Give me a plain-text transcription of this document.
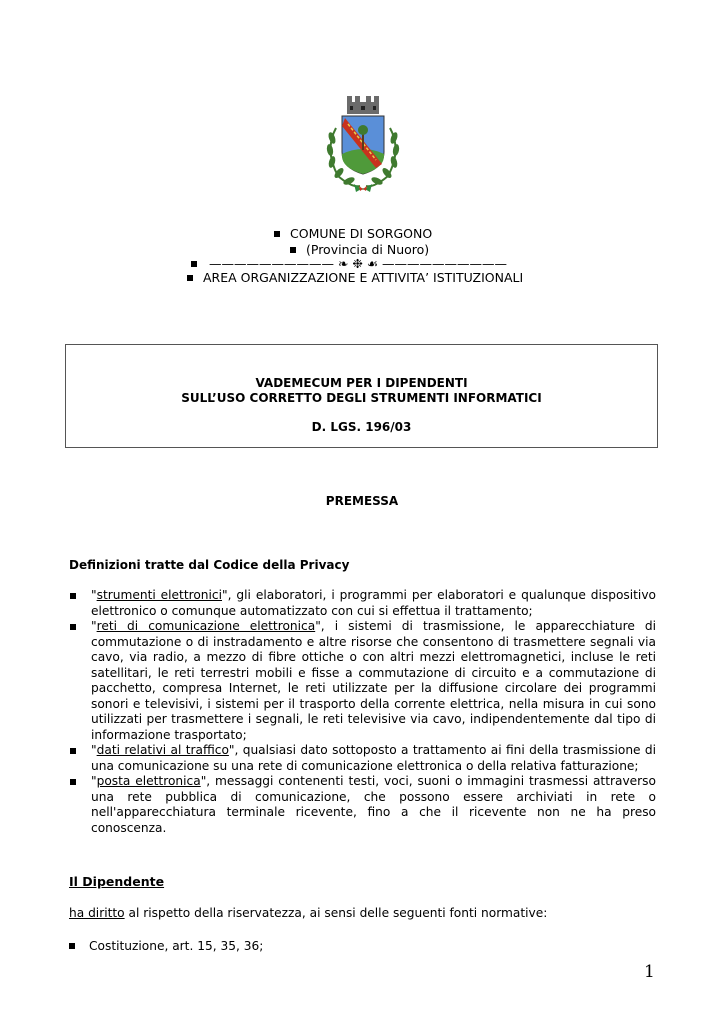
COMUNE DI SORGONO
(Provincia di Nuoro)
—————————— ❧ ❉ ☙ ——————————
AREA ORGANIZZAZIONE E ATTIVITA’ ISTITUZIONALI
VADEMECUM PER I DIPENDENTI
SULL’USO CORRETTO DEGLI STRUMENTI INFORMATICI
D. LGS. 196/03
PREMESSA
Definizioni tratte dal Codice della Privacy
"strumenti elettronici", gli elaboratori, i programmi per elaboratori e qualunque dispositivo elettronico o comunque automatizzato con cui si effettua il trattamento;
"reti di comunicazione elettronica", i sistemi di trasmissione, le apparecchiature di commutazione o di instradamento e altre risorse che consentono di trasmettere segnali via cavo, via radio, a mezzo di fibre ottiche o con altri mezzi elettromagnetici, incluse le reti satellitari, le reti terrestri mobili e fisse a commutazione di circuito e a commutazione di pacchetto, compresa Internet, le reti utilizzate per la diffusione circolare dei programmi sonori e televisivi, i sistemi per il trasporto della corrente elettrica, nella misura in cui sono utilizzati per trasmettere i segnali, le reti televisive via cavo, indipendentemente dal tipo di informazione trasportato;
"dati relativi al traffico", qualsiasi dato sottoposto a trattamento ai fini della trasmissione di una comunicazione su una rete di comunicazione elettronica o della relativa fatturazione;
"posta elettronica", messaggi contenenti testi, voci, suoni o immagini trasmessi attraverso una rete pubblica di comunicazione, che possono essere archiviati in rete o nell'apparecchiatura terminale ricevente, fino a che il ricevente non ne ha preso conoscenza.
Il Dipendente
ha diritto al rispetto della riservatezza, ai sensi delle seguenti fonti normative:
Costituzione, art. 15, 35, 36;
1
